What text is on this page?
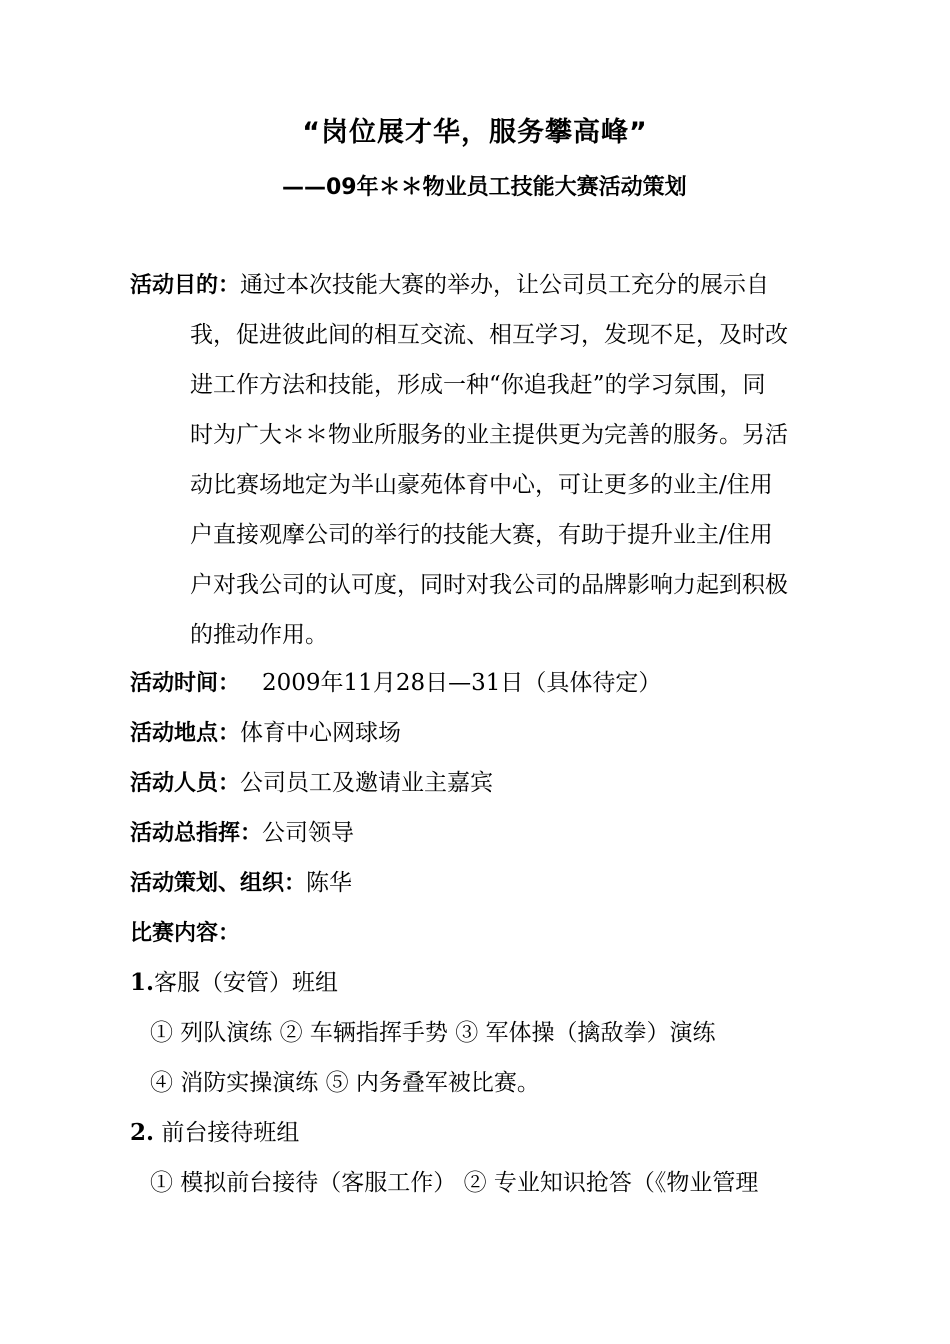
“岗位展才华，服务攀高峰”
——09年＊＊物业员工技能大赛活动策划
活动目的：通过本次技能大赛的举办，让公司员工充分的展示自
我，促进彼此间的相互交流、相互学习，发现不足，及时改
进工作方法和技能，形成一种“你追我赶”的学习氛围，同
时为广大＊＊物业所服务的业主提供更为完善的服务。另活
动比赛场地定为半山豪苑体育中心，可让更多的业主/住用
户直接观摩公司的举行的技能大赛，有助于提升业主/住用
户对我公司的认可度，同时对我公司的品牌影响力起到积极
的推动作用。
活动时间： 2009年11月28日—31日（具体待定）
活动地点：体育中心网球场
活动人员：公司员工及邀请业主嘉宾
活动总指挥：公司领导
活动策划、组织：陈华
比赛内容：
1.客服（安管）班组
① 列队演练 ② 车辆指挥手势 ③ 军体操（擒敌拳）演练
④ 消防实操演练 ⑤ 内务叠军被比赛。
2. 前台接待班组
① 模拟前台接待（客服工作） ② 专业知识抢答（《物业管理
